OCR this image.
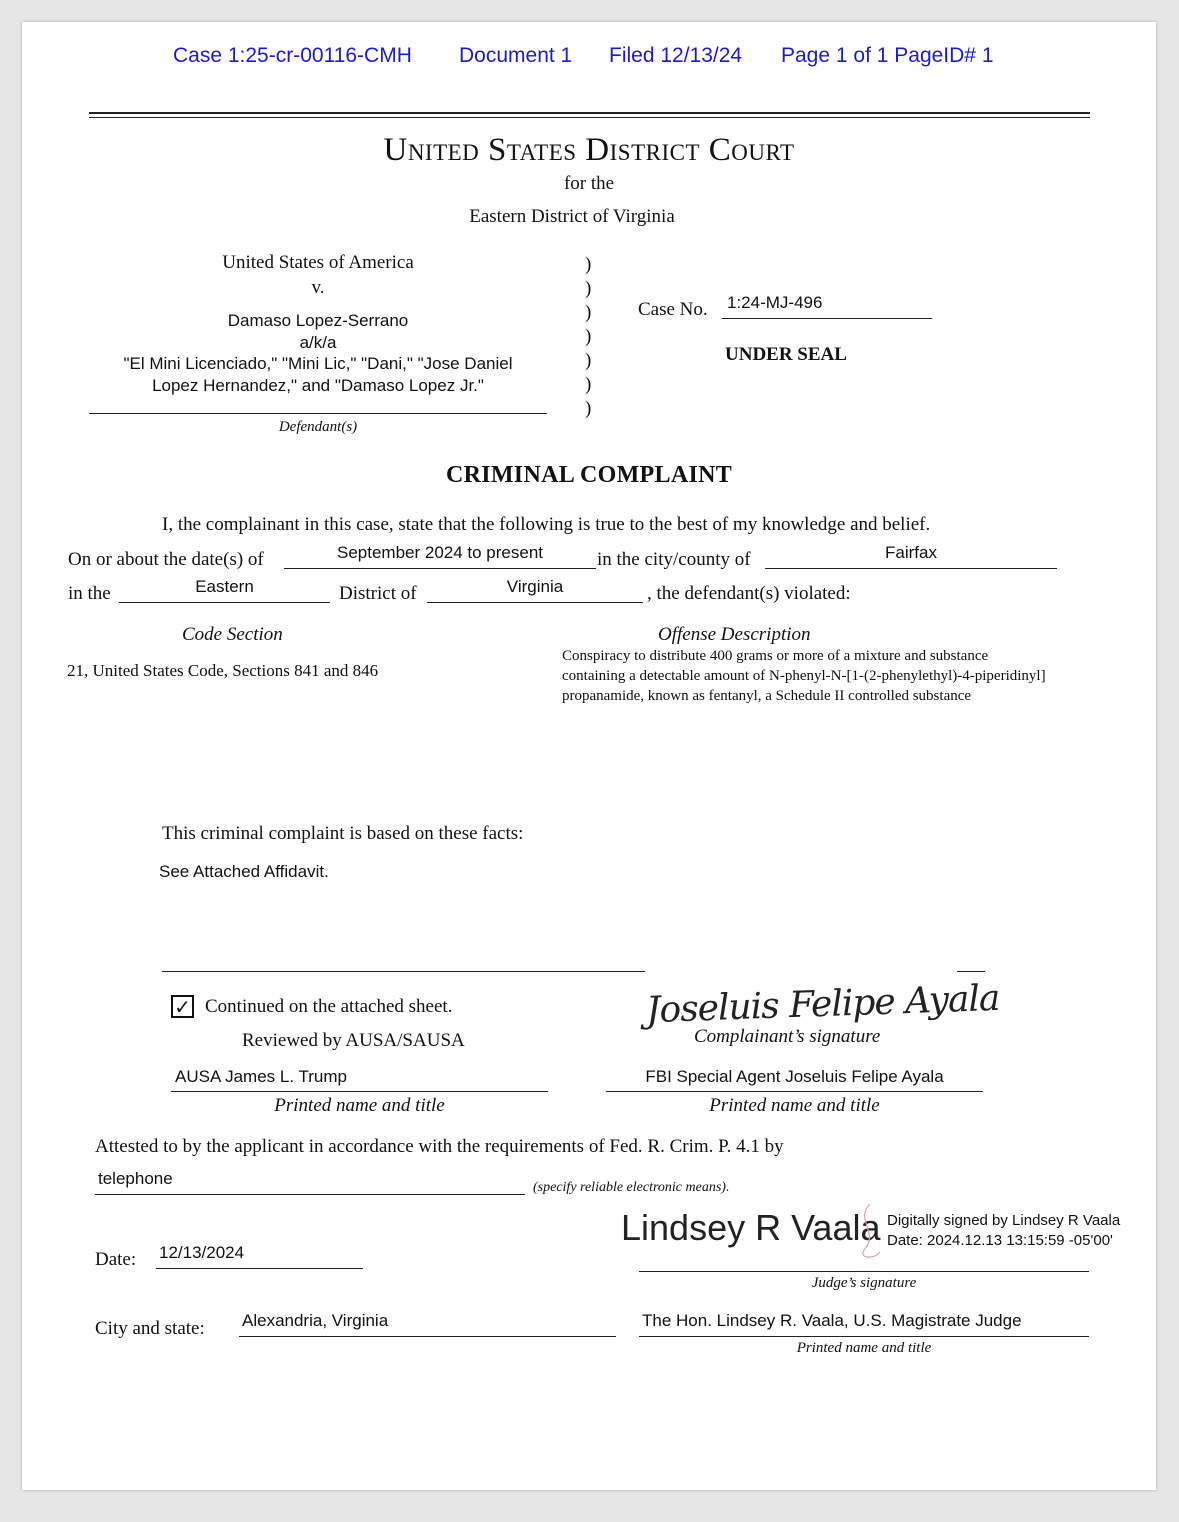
Case 1:25-cr-00116-CMH Document 1 Filed 12/13/24 Page 1 of 1 PageID# 1
United States District Court
for the
Eastern District of Virginia
United States of America
v.
Damaso Lopez-Serrano
a/k/a
"El Mini Licenciado," "Mini Lic," "Dani," "Jose Daniel
Lopez Hernandez," and "Damaso Lopez Jr."
Defendant(s)
)
)
)
)
)
)
)
Case No. 1:24-MJ-496
UNDER SEAL
CRIMINAL COMPLAINT
I, the complainant in this case, state that the following is true to the best of my knowledge and belief.
On or about the date(s) of	September 2024 to present	in the city/county of	Fairfax
in the	Eastern	District of	Virginia	, the defendant(s) violated:
Code Section	Offense Description
21, United States Code, Sections 841 and 846
Conspiracy to distribute 400 grams or more of a mixture and substance
containing a detectable amount of N-phenyl-N-[1-(2-phenylethyl)-4-piperidinyl]
propanamide, known as fentanyl, a Schedule II controlled substance
This criminal complaint is based on these facts:
See Attached Affidavit.
✓ Continued on the attached sheet.
Reviewed by AUSA/SAUSA
Joseluis Felipe Ayala
Complainant’s signature
AUSA James L. Trump
Printed name and title
FBI Special Agent Joseluis Felipe Ayala
Printed name and title
Attested to by the applicant in accordance with the requirements of Fed. R. Crim. P. 4.1 by
telephone	(specify reliable electronic means).
Lindsey R Vaala Digitally signed by Lindsey R Vaala
Date: 2024.12.13 13:15:59 -05'00'
Judge’s signature
Date: 12/13/2024
City and state: Alexandria, Virginia	The Hon. Lindsey R. Vaala, U.S. Magistrate Judge
Printed name and title
